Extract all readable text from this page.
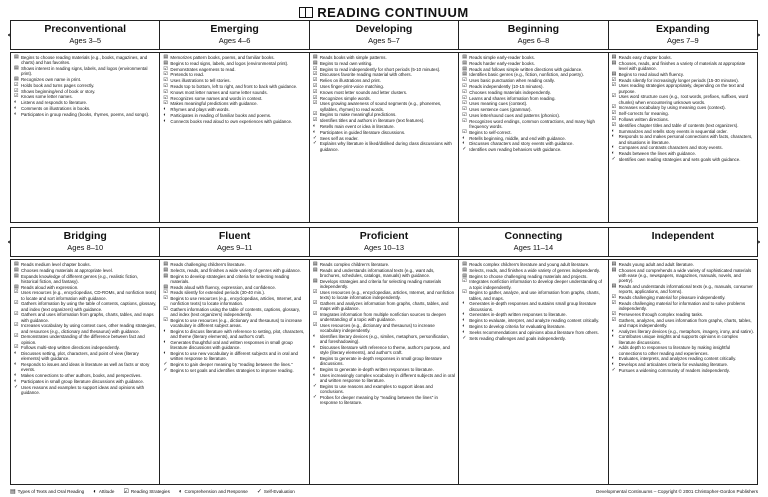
READING CONTINUUM
Preconventional
Ages 3–5
Emerging
Ages 4–6
Developing
Ages 5–7
Beginning
Ages 6–8
Expanding
Ages 7–9
▤ Begins to choose reading materials (e.g., books, magazines, and charts) and has favorites.
▤ Shows interest in reading signs, labels, and logos (environmental print).
▤ Recognizes own name in print.
☑ Holds book and turns pages correctly.
☑ Shows beginning/end of book or story.
☑ Knows some letter names.
◐ Listens and responds to literature.
◐ Comments on illustrations in books.
◐ Participates in group reading (books, rhymes, poems, and songs).
▤ Memorizes pattern books, poems, and familiar books.
▤ Begins to read signs, labels, and logos (environmental print).
☑ Demonstrates eagerness to read.
☑ Pretends to read.
☑ Uses illustrations to tell stories.
☑ Reads top to bottom, left to right, and front to back with guidance.
☑ Knows most letter names and some letter sounds.
☑ Recognizes some names and words in context.
☑ Makes meaningful predictions with guidance.
◐ Rhymes and plays with words.
◐ Participates in reading of familiar books and poems.
◐ Connects books read aloud to own experiences with guidance.
▤ Reads books with simple patterns.
▤ Begins to read own writing.
☑ Begins to read independently for short periods (5-10 minutes).
☑ Discusses favorite reading material with others.
☑ Relies on illustrations and print.
☑ Uses finger-print-voice matching.
☑ Knows most letter sounds and letter clusters.
☑ Recognizes simple words.
☑ Uses growing awareness of sound segments (e.g., phonemes, syllables, rhymes) to read words.
☑ Begins to make meaningful predictions.
☑ Identifies titles and authors in literature (text features).
◐ Retells main event or idea in literature.
◐ Participates in guided literature discussions.
✓ Sees self as reader.
✓ Explains why literature is liked/disliked during class discussions with guidance.
▤ Reads simple early-reader books.
▤ Reads harder early-reader books.
▤ Reads and follows simple written directions with guidance.
▤ Identifies basic genres (e.g., fiction, nonfiction, and poetry).
☑ Uses basic punctuation when reading orally.
☑ Reads independently (10-15 minutes).
☑ Chooses reading materials independently.
☑ Learns and shares information from reading.
☑ Uses meaning cues (context).
☑ Uses sentence cues (grammar).
☑ Uses letter/sound cues and patterns (phonics).
☑ Recognizes word endings, common contractions, and many high frequency words.
☑ Begins to self-correct.
◐ Retells beginning, middle, and end with guidance.
◐ Discusses characters and story events with guidance.
✓ Identifies own reading behaviors with guidance.
▤ Reads easy chapter books.
▤ Chooses, reads, and finishes a variety of materials at appropriate level with guidance.
▤ Begins to read aloud with fluency.
☑ Reads silently for increasingly longer periods (15-30 minutes).
☑ Uses reading strategies appropriately, depending on the text and purpose.
☑ Uses word structure cues (e.g., root words, prefixes, suffixes, word chunks) when encountering unknown words.
☑ Increases vocabulary by using meaning cues (context).
☑ Self-corrects for meaning.
☑ Follows written directions.
☑ Identifies chapter titles and table of contents (text organizers).
◐ Summarizes and retells story events in sequential order.
◐ Responds to and makes personal connections with facts, characters, and situations in literature.
◐ Compares and contrasts characters and story events.
◐ Reads between the lines with guidance.
✓ Identifies own reading strategies and sets goals with guidance.
Bridging
Ages 8–10
Fluent
Ages 9–11
Proficient
Ages 10–13
Connecting
Ages 11–14
Independent
▤ Reads medium level chapter books.
▤ Chooses reading materials at appropriate level.
▤ Expands knowledge of different genres (e.g., realistic fiction, historical fiction, and fantasy).
▤ Reads aloud with expression.
☑ Uses resources (e.g., encyclopedias, CD-ROMs, and nonfiction texts) to locate and sort information with guidance.
☑ Gathers information by using the table of contents, captions, glossary, and index (text organizers) with guidance.
☑ Gathers and uses information from graphs, charts, tables, and maps with guidance.
☑ Increases vocabulary by using context cues, other reading strategies, and resources (e.g., dictionary and thesaurus) with guidance.
☑ Demonstrates understanding of the difference between fact and opinion.
☑ Follows multi-step written directions independently.
◐ Discusses setting, plot, characters, and point of view (literary elements) with guidance.
◐ Responds to issues and ideas in literature as well as facts or story events.
◐ Makes connections to other authors, books, and perspectives.
◐ Participates in small group literature discussions with guidance.
✓ Uses reasons and examples to support ideas and opinions with guidance.
▤ Reads challenging children's literature.
▤ Selects, reads, and finishes a wide variety of genres with guidance.
▤ Begins to develop strategies and criteria for selecting reading materials.
▤ Reads aloud with fluency, expression, and confidence.
☑ Reads silently for extended periods (30-40 min.).
☑ Begins to use resources (e.g., encyclopedias, articles, Internet, and nonfiction texts) to locate information.
☑ Gathers information using the table of contents, captions, glossary, and index (text organizers) independently.
☑ Begins to use resources (e.g., dictionary and thesaurus) to increase vocabulary in different subject areas.
◐ Begins to discuss literature with reference to setting, plot, characters, and theme (literary elements), and author's craft.
◐ Generates thoughtful oral and written responses in small group literature discussions with guidance.
◐ Begins to use new vocabulary in different subjects and in oral and written response to literature.
✓ Begins to gain deeper meaning by "reading between the lines."
✓ Begins to set goals and identifies strategies to improve reading.
▤ Reads complex children's literature.
▤ Reads and understands informational texts (e.g., want ads, brochures, schedules, catalogs, manuals) with guidance.
▤ Develops strategies and criteria for selecting reading materials independently.
☑ Uses resources (e.g., encyclopedias, articles, Internet, and nonfiction texts) to locate information independently.
☑ Gathers and analyzes information from graphs, charts, tables, and maps with guidance.
☑ Integrates information from multiple nonfiction sources to deepen understanding of a topic with guidance.
☑ Uses resources (e.g., dictionary and thesaurus) to increase vocabulary independently.
◐ Identifies literary devices (e.g., similes, metaphors, personification, and foreshadowing).
◐ Discusses literature with reference to theme, author's purpose, and style (literary elements), and author's craft.
◐ Begins to generate in-depth responses in small group literature discussions.
◐ Begins to generate in-depth written responses to literature.
◐ Uses increasingly complex vocabulary in different subjects and in oral and written response to literature.
✓ Begins to use reasons and examples to support ideas and conclusions.
✓ Probes for deeper meaning by "reading between the lines" in response to literature.
▤ Reads complex children's literature and young adult literature.
▤ Selects, reads, and finishes a wide variety of genres independently.
▤ Begins to choose challenging reading materials and projects.
☑ Integrates nonfiction information to develop deeper understanding of a topic independently.
☑ Begins to gather, analyze, and use information from graphs, charts, tables, and maps.
◐ Generates in-depth responses and sustains small group literature discussions.
◐ Generates in-depth written responses to literature.
◐ Begins to evaluate, interpret, and analyze reading content critically.
◐ Begins to develop criteria for evaluating literature.
◐ Seeks recommendations and opinions about literature from others.
✓ Sets reading challenges and goals independently.
▤ Reads young adult and adult literature.
▤ Chooses and comprehends a wide variety of sophisticated materials with ease (e.g., newspapers, magazines, manuals, novels, and poetry).
▤ Reads and understands informational texts (e.g., manuals, consumer reports, applications, and forms).
☑ Reads challenging material for pleasure independently.
☑ Reads challenging material for information and to solve problems independently.
☑ Perseveres through complex reading tasks.
☑ Gathers, analyzes, and uses information from graphs, charts, tables, and maps independently.
◐ Analyzes literary devices (e.g., metaphors, imagery, irony, and satire).
◐ Contributes unique insights and supports opinions in complex literature discussions.
◐ Adds depth to responses to literature by making insightful connections to other reading and experiences.
◐ Evaluates, interprets, and analyzes reading content critically.
◐ Develops and articulates criteria for evaluating literature.
✓ Pursues a widening community of readers independently.
▤ Types of Texts and Oral Reading ◐ Attitude ☑ Reading Strategies ◐ Comprehension and Response ✓ Self-Evaluation	Developmental Continuums – Copyright © 2001 Christopher-Gordon Publishers
